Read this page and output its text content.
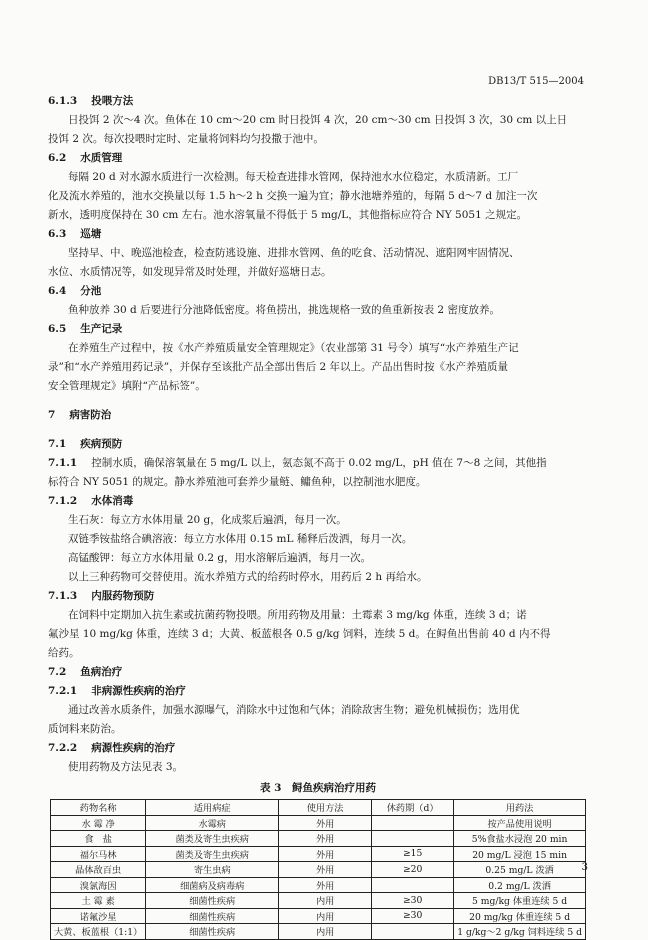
DB13/T 515—2004
6.1.3 投喂方法
日投饵 2 次～4 次。鱼体在 10 cm～20 cm 时日投饵 4 次，20 cm～30 cm 日投饵 3 次，30 cm 以上日
投饵 2 次。每次投喂时定时、定量将饲料均匀投撒于池中。
6.2 水质管理
每隔 20 d 对水源水质进行一次检测。每天检查进排水管网，保持池水水位稳定，水质清新。工厂
化及流水养殖的，池水交换量以每 1.5 h～2 h 交换一遍为宜；静水池塘养殖的，每隔 5 d～7 d 加注一次
新水，透明度保持在 30 cm 左右。池水溶氧量不得低于 5 mg/L，其他指标应符合 NY 5051 之规定。
6.3 巡塘
坚持早、中、晚巡池检查，检查防逃设施、进排水管网、鱼的吃食、活动情况、遮阳网牢固情况、
水位、水质情况等，如发现异常及时处理，并做好巡塘日志。
6.4 分池
鱼种放养 30 d 后要进行分池降低密度。将鱼捞出，挑选规格一致的鱼重新按表 2 密度放养。
6.5 生产记录
在养殖生产过程中，按《水产养殖质量安全管理规定》（农业部第 31 号令）填写“水产养殖生产记
录”和“水产养殖用药记录”，并保存至该批产品全部出售后 2 年以上。产品出售时按《水产养殖质量
安全管理规定》填附“产品标签”。
7 病害防治
7.1 疾病预防
7.1.1 控制水质，确保溶氧量在 5 mg/L 以上，氨态氮不高于 0.02 mg/L，pH 值在 7～8 之间，其他指
标符合 NY 5051 的规定。静水养殖池可套养少量鲢、鳙鱼种，以控制池水肥度。
7.1.2 水体消毒
生石灰：每立方水体用量 20 g，化成浆后遍洒，每月一次。
双链季铵盐络合碘溶液：每立方水体用 0.15 mL 稀释后泼洒，每月一次。
高锰酸钾：每立方水体用量 0.2 g，用水溶解后遍洒，每月一次。
以上三种药物可交替使用。流水养殖方式的给药时停水，用药后 2 h 再给水。
7.1.3 内服药物预防
在饲料中定期加入抗生素或抗菌药物投喂。所用药物及用量：土霉素 3 mg/kg 体重，连续 3 d；诺
氟沙星 10 mg/kg 体重，连续 3 d；大黄、板蓝根各 0.5 g/kg 饲料，连续 5 d。在鲟鱼出售前 40 d 内不得
给药。
7.2 鱼病治疗
7.2.1 非病源性疾病的治疗
通过改善水质条件，加强水源曝气，消除水中过饱和气体；消除敌害生物；避免机械损伤；选用优
质饲料来防治。
7.2.2 病源性疾病的治疗
使用药物及方法见表 3。
表 3　鲟鱼疾病治疗用药
药物名称	适用病症	使用方法	休药期（d）	用药法
水 霉 净	水霉病	外用		按产品使用说明
食　盐	菌类及寄生虫疾病	外用		5%食盐水浸泡 20 min
福尔马林	菌类及寄生虫疾病	外用	≥15	20 mg/L 浸泡 15 min
晶体敌百虫	寄生虫病	外用	≥20	0.25 mg/L 泼洒
溴氯海因	细菌病及病毒病	外用		0.2 mg/L 泼洒
土 霉 素	细菌性疾病	内用	≥30	5 mg/kg 体重连续 5 d
诺氟沙星	细菌性疾病	内用	≥30	20 mg/kg 体重连续 5 d
大黄、板蓝根（1:1）	细菌性疾病	内用		1 g/kg～2 g/kg 饲料连续 5 d
3
